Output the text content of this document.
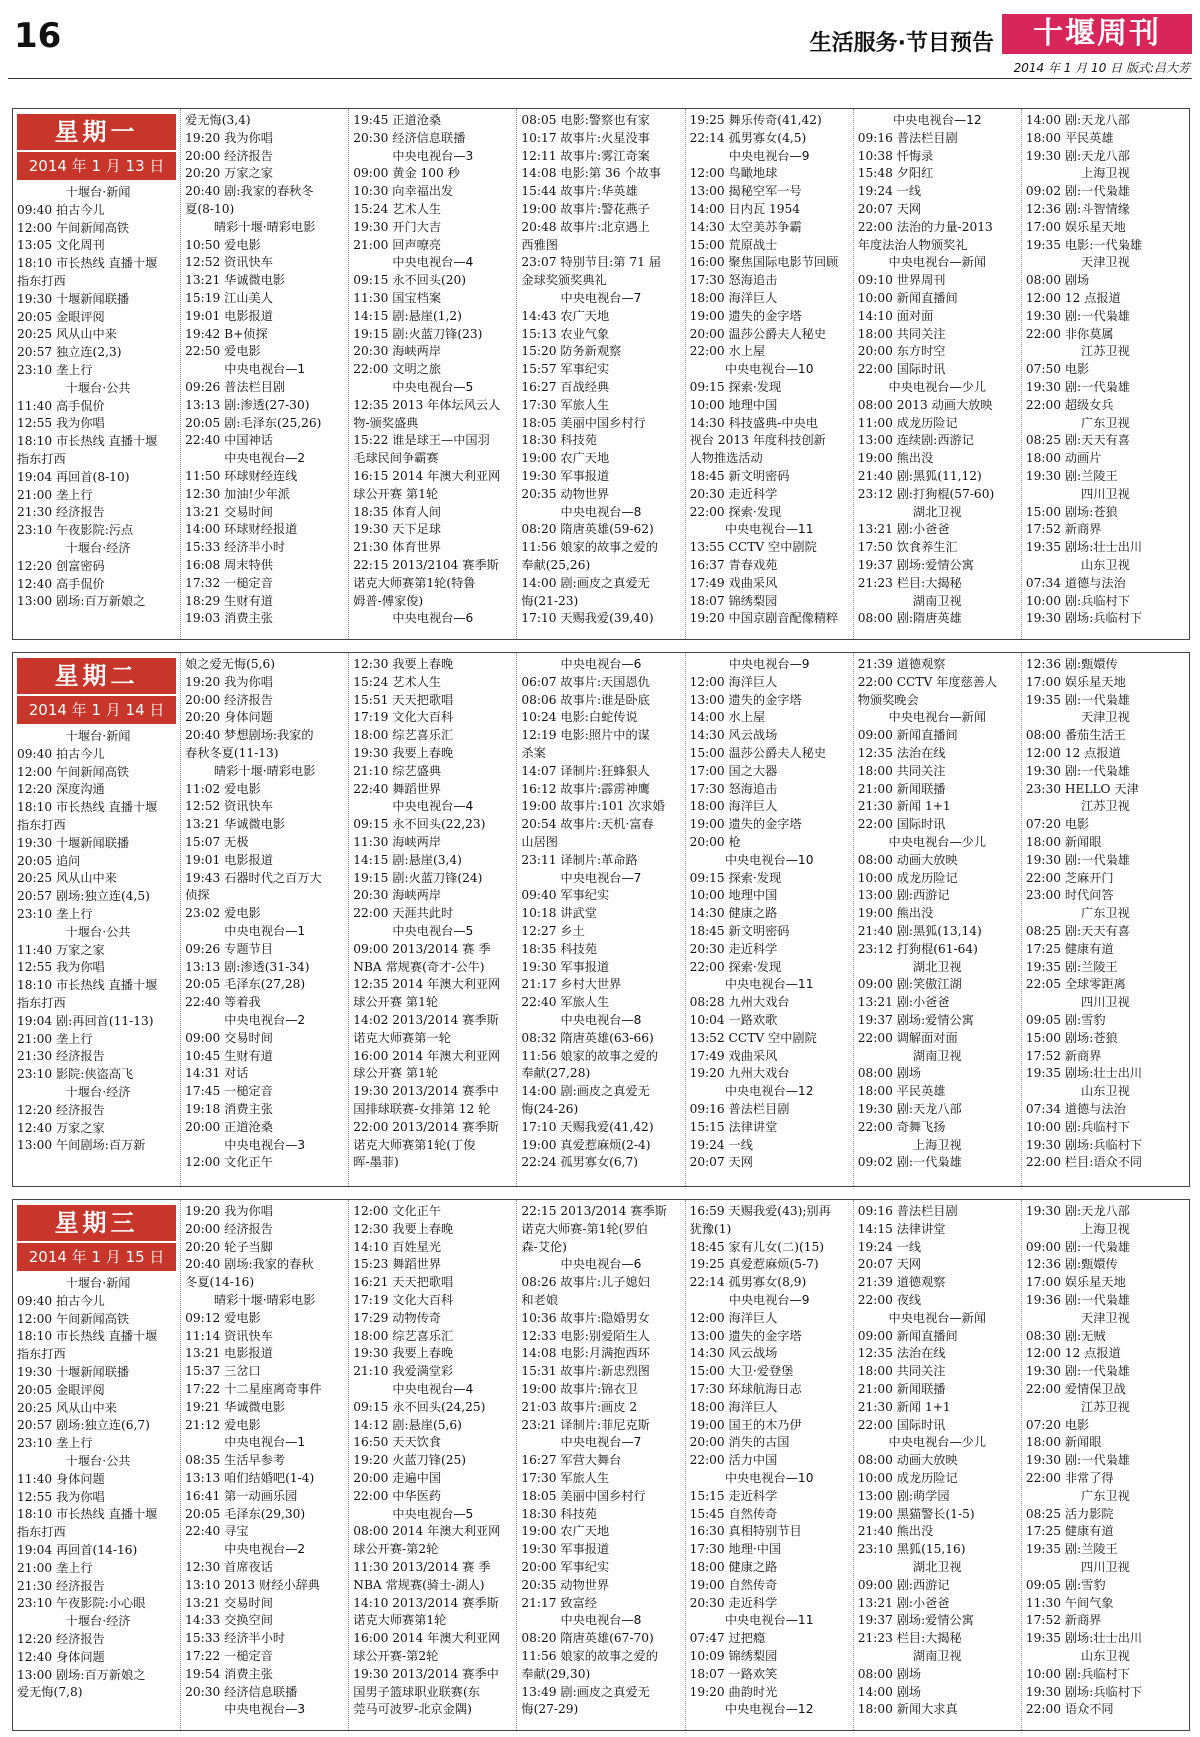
16	生活服务·节目预告	十堰周刊
2014 年 1 月 10 日 版式:吕大芳
星期一
2014 年 1 月 13 日
十堰台·新闻
09:40 拍古今儿
12:00 午间新闻高铁
13:05 文化周刊
18:10 市长热线 直播十堰
指东打西
19:30 十堰新闻联播
20:05 金眼评阅
20:25 风从山中来
20:57 独立连(2,3)
23:10 垄上行
十堰台·公共
11:40 高手侃价
12:55 我为你唱
18:10 市长热线 直播十堰
指东打西
19:04 再回首(8-10)
21:00 垄上行
21:30 经济报告
23:10 午夜影院:污点
十堰台·经济
12:20 创富密码
12:40 高手侃价
13:00 剧场:百万新娘之
爱无悔(3,4)
19:20 我为你唱
20:00 经济报告
20:20 万家之家
20:40 剧:我家的春秋冬
夏(8-10)
晴彩十堰·晴彩电影
10:50 爱电影
12:52 资讯快车
13:21 华诚微电影
15:19 江山美人
19:01 电影报道
19:42 B+侦探
22:50 爱电影
中央电视台—1
09:26 普法栏目剧
13:13 剧:渗透(27-30)
20:05 剧:毛泽东(25,26)
22:40 中国神话
中央电视台—2
11:50 环球财经连线
12:30 加油!少年派
13:21 交易时间
14:00 环球财经报道
15:33 经济半小时
16:08 周末特供
17:32 一槌定音
18:29 生财有道
19:03 消费主张
19:45 正道沧桑
20:30 经济信息联播
中央电视台—3
09:00 黄金 100 秒
10:30 向幸福出发
15:24 艺术人生
19:30 开门大吉
21:00 回声嘹亮
中央电视台—4
09:15 永不回头(20)
11:30 国宝档案
14:15 剧:悬崖(1,2)
19:15 剧:火蓝刀锋(23)
20:30 海峡两岸
22:00 文明之旅
中央电视台—5
12:35 2013 年体坛风云人
物-颁奖盛典
15:22 谁是球王—中国羽
毛球民间争霸赛
16:15 2014 年澳大利亚网
球公开赛 第1轮
18:35 体育人间
19:30 天下足球
21:30 体育世界
22:15 2013/2104 赛季斯
诺克大师赛第1轮(特鲁
姆普-傅家俊)
中央电视台—6
08:05 电影:警察也有家
10:17 故事片:火星没事
12:11 故事片:雾江奇案
14:08 电影:第 36 个故事
15:44 故事片:华英雄
19:00 故事片:警花燕子
20:48 故事片:北京遇上
西雅图
23:07 特别节目:第 71 届
金球奖颁奖典礼
中央电视台—7
14:43 农广天地
15:13 农业气象
15:20 防务新观察
15:57 军事纪实
16:27 百战经典
17:30 军旅人生
18:05 美丽中国乡村行
18:30 科技苑
19:00 农广天地
19:30 军事报道
20:35 动物世界
中央电视台—8
08:20 隋唐英雄(59-62)
11:56 娘家的故事之爱的
奉献(25,26)
14:00 剧:画皮之真爱无
悔(21-23)
17:10 天赐我爱(39,40)
19:25 舞乐传奇(41,42)
22:14 孤男寡女(4,5)
中央电视台—9
12:00 鸟瞰地球
13:00 揭秘空军一号
14:00 日内瓦 1954
14:30 太空美苏争霸
15:00 荒原战士
16:00 聚焦国际电影节回顾
17:30 怒海追击
18:00 海洋巨人
19:00 遗失的金字塔
20:00 温莎公爵夫人秘史
22:00 水上屋
中央电视台—10
09:15 探索·发现
10:00 地理中国
14:30 科技盛典-中央电
视台 2013 年度科技创新
人物推选活动
18:45 新文明密码
20:30 走近科学
22:00 探索·发现
中央电视台—11
13:55 CCTV 空中剧院
16:37 青春戏苑
17:49 戏曲采风
18:07 锦绣梨园
19:20 中国京剧音配像精粹
中央电视台—12
09:16 普法栏目剧
10:38 忏悔录
15:48 夕阳红
19:24 一线
20:07 天网
22:00 法治的力量-2013
年度法治人物颁奖礼
中央电视台—新闻
09:10 世界周刊
10:00 新闻直播间
14:10 面对面
18:00 共同关注
20:00 东方时空
22:00 国际时讯
中央电视台—少儿
08:00 2013 动画大放映
11:00 成龙历险记
13:00 连续剧:西游记
19:00 熊出没
21:40 剧:黑狐(11,12)
23:12 剧:打狗棍(57-60)
湖北卫视
13:21 剧:小爸爸
17:50 饮食养生汇
19:37 剧场:爱情公寓
21:23 栏目:大揭秘
湖南卫视
08:00 剧:隋唐英雄
14:00 剧:天龙八部
18:00 平民英雄
19:30 剧:天龙八部
上海卫视
09:02 剧:一代枭雄
12:36 剧:斗智情缘
17:00 娱乐星天地
19:35 电影:一代枭雄
天津卫视
08:00 剧场
12:00 12 点报道
19:30 剧:一代枭雄
22:00 非你莫属
江苏卫视
07:50 电影
19:30 剧:一代枭雄
22:00 超级女兵
广东卫视
08:25 剧:天天有喜
18:00 动画片
19:30 剧:兰陵王
四川卫视
15:00 剧场:苍狼
17:52 新商界
19:35 剧场:壮士出川
山东卫视
07:34 道德与法治
10:00 剧:兵临村下
19:30 剧场:兵临村下
星期二
2014 年 1 月 14 日
十堰台·新闻
09:40 拍古今儿
12:00 午间新闻高铁
12:20 深度沟通
18:10 市长热线 直播十堰
指东打西
19:30 十堰新闻联播
20:05 追问
20:25 风从山中来
20:57 剧场:独立连(4,5)
23:10 垄上行
十堰台·公共
11:40 万家之家
12:55 我为你唱
18:10 市长热线 直播十堰
指东打西
19:04 剧:再回首(11-13)
21:00 垄上行
21:30 经济报告
23:10 影院:侠盗高飞
十堰台·经济
12:20 经济报告
12:40 万家之家
13:00 午间剧场:百万新
娘之爱无悔(5,6)
19:20 我为你唱
20:00 经济报告
20:20 身体问题
20:40 梦想剧场:我家的
春秋冬夏(11-13)
晴彩十堰·晴彩电影
11:02 爱电影
12:52 资讯快车
13:21 华诚微电影
15:07 无极
19:01 电影报道
19:43 石器时代之百万大
侦探
23:02 爱电影
中央电视台—1
09:26 专题节目
13:13 剧:渗透(31-34)
20:05 毛泽东(27,28)
22:40 等着我
中央电视台—2
09:00 交易时间
10:45 生财有道
14:31 对话
17:45 一槌定音
19:18 消费主张
20:00 正道沧桑
中央电视台—3
12:00 文化正午
12:30 我要上春晚
15:24 艺术人生
15:51 天天把歌唱
17:19 文化大百科
18:00 综艺喜乐汇
19:30 我要上春晚
21:10 综艺盛典
22:40 舞蹈世界
中央电视台—4
09:15 永不回头(22,23)
11:30 海峡两岸
14:15 剧:悬崖(3,4)
19:15 剧:火蓝刀锋(24)
20:30 海峡两岸
22:00 天涯共此时
中央电视台—5
09:00 2013/2014 赛 季
NBA 常规赛(奇才-公牛)
12:35 2014 年澳大利亚网
球公开赛 第1轮
14:02 2013/2014 赛季斯
诺克大师赛第一轮
16:00 2014 年澳大利亚网
球公开赛 第1轮
19:30 2013/2014 赛季中
国排球联赛-女排第 12 轮
22:00 2013/2014 赛季斯
诺克大师赛第1轮(丁俊
晖-墨菲)
中央电视台—6
06:07 故事片:天国恩仇
08:06 故事片:谁是卧底
10:24 电影:白蛇传说
12:19 电影:照片中的谋
杀案
14:07 译制片:狂蜂狠人
16:12 故事片:霹雳神鹰
19:00 故事片:101 次求婚
20:54 故事片:天机·富春
山居图
23:11 译制片:革命路
中央电视台—7
09:40 军事纪实
10:18 讲武堂
12:27 乡土
18:35 科技苑
19:30 军事报道
21:17 乡村大世界
22:40 军旅人生
中央电视台—8
08:32 隋唐英雄(63-66)
11:56 娘家的故事之爱的
奉献(27,28)
14:00 剧:画皮之真爱无
悔(24-26)
17:10 天赐我爱(41,42)
19:00 真爱惹麻烦(2-4)
22:24 孤男寡女(6,7)
中央电视台—9
12:00 海洋巨人
13:00 遗失的金字塔
14:00 水上屋
14:30 风云战场
15:00 温莎公爵夫人秘史
17:00 国之大器
17:30 怒海追击
18:00 海洋巨人
19:00 遗失的金字塔
20:00 枪
中央电视台—10
09:15 探索·发现
10:00 地理中国
14:30 健康之路
18:45 新文明密码
20:30 走近科学
22:00 探索·发现
中央电视台—11
08:28 九州大戏台
10:04 一路欢歌
13:52 CCTV 空中剧院
17:49 戏曲采风
19:20 九州大戏台
中央电视台—12
09:16 普法栏目剧
15:15 法律讲堂
19:24 一线
20:07 天网
21:39 道德观察
22:00 CCTV 年度慈善人
物颁奖晚会
中央电视台—新闻
09:00 新闻直播间
12:35 法治在线
18:00 共同关注
21:00 新闻联播
21:30 新闻 1+1
22:00 国际时讯
中央电视台—少儿
08:00 动画大放映
10:00 成龙历险记
13:00 剧:西游记
19:00 熊出没
21:40 剧:黑狐(13,14)
23:12 打狗棍(61-64)
湖北卫视
09:00 剧:笑傲江湖
13:21 剧:小爸爸
19:37 剧场:爱情公寓
22:00 调解面对面
湖南卫视
08:00 剧场
18:00 平民英雄
19:30 剧:天龙八部
22:00 奇舞飞扬
上海卫视
09:02 剧:一代枭雄
12:36 剧:甄嬛传
17:00 娱乐星天地
19:35 剧:一代枭雄
天津卫视
08:00 番茄生活王
12:00 12 点报道
19:30 剧:一代枭雄
23:30 HELLO 天津
江苏卫视
07:20 电影
18:00 新闻眼
19:30 剧:一代枭雄
22:00 芝麻开门
23:00 时代问答
广东卫视
08:25 剧:天天有喜
17:25 健康有道
19:35 剧:兰陵王
22:05 全球零距离
四川卫视
09:05 剧:雪豹
15:00 剧场:苍狼
17:52 新商界
19:35 剧场:壮士出川
山东卫视
07:34 道德与法治
10:00 剧:兵临村下
19:30 剧场:兵临村下
22:00 栏目:语众不同
星期三
2014 年 1 月 15 日
十堰台·新闻
09:40 拍古今儿
12:00 午间新闻高铁
18:10 市长热线 直播十堰
指东打西
19:30 十堰新闻联播
20:05 金眼评阅
20:25 风从山中来
20:57 剧场:独立连(6,7)
23:10 垄上行
十堰台·公共
11:40 身体问题
12:55 我为你唱
18:10 市长热线 直播十堰
指东打西
19:04 再回首(14-16)
21:00 垄上行
21:30 经济报告
23:10 午夜影院:小心眼
十堰台·经济
12:20 经济报告
12:40 身体问题
13:00 剧场:百万新娘之
爱无悔(7,8)
19:20 我为你唱
20:00 经济报告
20:20 轮子当脚
20:40 剧场:我家的春秋
冬夏(14-16)
晴彩十堰·晴彩电影
09:12 爱电影
11:14 资讯快车
13:21 电影报道
15:37 三岔口
17:22 十二星座离奇事件
19:21 华诚微电影
21:12 爱电影
中央电视台—1
08:35 生活早参考
13:13 咱们结婚吧(1-4)
16:41 第一动画乐园
20:05 毛泽东(29,30)
22:40 寻宝
中央电视台—2
12:30 首席夜话
13:10 2013 财经小辞典
13:21 交易时间
14:33 交换空间
15:33 经济半小时
17:22 一槌定音
19:54 消费主张
20:30 经济信息联播
中央电视台—3
12:00 文化正午
12:30 我要上春晚
14:10 百姓星光
15:23 舞蹈世界
16:21 天天把歌唱
17:19 文化大百科
17:29 动物传奇
18:00 综艺喜乐汇
19:30 我要上春晚
21:10 我爱满堂彩
中央电视台—4
09:15 永不回头(24,25)
14:12 剧:悬崖(5,6)
16:50 天天饮食
19:20 火蓝刀锋(25)
20:00 走遍中国
22:00 中华医药
中央电视台—5
08:00 2014 年澳大利亚网
球公开赛-第2轮
11:30 2013/2014 赛 季
NBA 常规赛(骑士-湖人)
14:10 2013/2014 赛季斯
诺克大师赛第1轮
16:00 2014 年澳大利亚网
球公开赛-第2轮
19:30 2013/2014 赛季中
国男子篮球职业联赛(东
莞马可波罗-北京金隅)
22:15 2013/2014 赛季斯
诺克大师赛-第1轮(罗伯
森-艾伦)
中央电视台—6
08:26 故事片:儿子媳妇
和老娘
10:36 故事片:隐婚男女
12:33 电影:别爱陌生人
14:08 电影:月满抱西环
15:31 故事片:新忠烈图
19:00 故事片:锦衣卫
21:03 故事片:画皮 2
23:21 译制片:菲尼克斯
中央电视台—7
16:27 军营大舞台
17:30 军旅人生
18:05 美丽中国乡村行
18:30 科技苑
19:00 农广天地
19:30 军事报道
20:00 军事纪实
20:35 动物世界
21:17 致富经
中央电视台—8
08:20 隋唐英雄(67-70)
11:56 娘家的故事之爱的
奉献(29,30)
13:49 剧:画皮之真爱无
悔(27-29)
16:59 天赐我爱(43);别再
犹豫(1)
18:45 家有儿女(二)(15)
19:25 真爱惹麻烦(5-7)
22:14 孤男寡女(8,9)
中央电视台—9
12:00 海洋巨人
13:00 遗失的金字塔
14:30 风云战场
15:00 大卫·爱登堡
17:30 环球航海日志
18:00 海洋巨人
19:00 国王的木乃伊
20:00 消失的古国
22:00 活力中国
中央电视台—10
15:15 走近科学
15:45 自然传奇
16:30 真相特别节目
17:30 地理·中国
18:00 健康之路
19:00 自然传奇
20:30 走近科学
中央电视台—11
07:47 过把瘾
10:09 锦绣梨园
18:07 一路欢笑
19:20 曲韵时光
中央电视台—12
09:16 普法栏目剧
14:15 法律讲堂
19:24 一线
20:07 天网
21:39 道德观察
22:00 夜线
中央电视台—新闻
09:00 新闻直播间
12:35 法治在线
18:00 共同关注
21:00 新闻联播
21:30 新闻 1+1
22:00 国际时讯
中央电视台—少儿
08:00 动画大放映
10:00 成龙历险记
13:00 剧:萌学园
19:00 黑猫警长(1-5)
21:40 熊出没
23:10 黑狐(15,16)
湖北卫视
09:00 剧:西游记
13:21 剧:小爸爸
19:37 剧场:爱情公寓
21:23 栏目:大揭秘
湖南卫视
08:00 剧场
14:00 剧场
18:00 新闻大求真
19:30 剧:天龙八部
上海卫视
09:00 剧:一代枭雄
12:36 剧:甄嬛传
17:00 娱乐星天地
19:36 剧:一代枭雄
天津卫视
08:30 剧:无贼
12:00 12 点报道
19:30 剧:一代枭雄
22:00 爱情保卫战
江苏卫视
07:20 电影
18:00 新闻眼
19:30 剧:一代枭雄
22:00 非常了得
广东卫视
08:25 活力影院
17:25 健康有道
19:35 剧:兰陵王
四川卫视
09:05 剧:雪豹
11:30 午间气象
17:52 新商界
19:35 剧场:壮士出川
山东卫视
10:00 剧:兵临村下
19:30 剧场:兵临村下
22:00 语众不同
